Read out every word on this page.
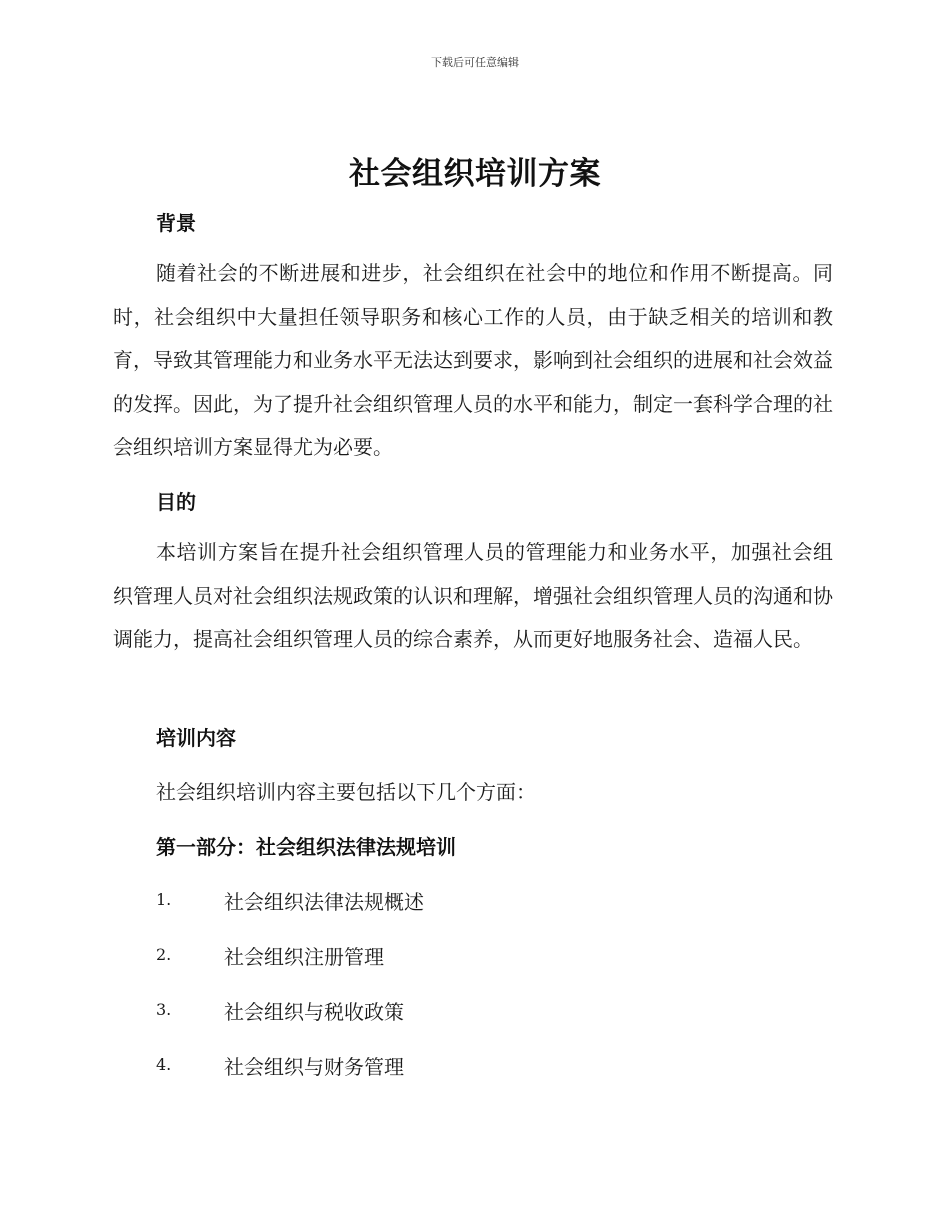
下载后可任意编辑
社会组织培训方案
背景
随着社会的不断进展和进步，社会组织在社会中的地位和作用不断提高。同时，社会组织中大量担任领导职务和核心工作的人员，由于缺乏相关的培训和教育，导致其管理能力和业务水平无法达到要求，影响到社会组织的进展和社会效益的发挥。因此，为了提升社会组织管理人员的水平和能力，制定一套科学合理的社会组织培训方案显得尤为必要。
目的
本培训方案旨在提升社会组织管理人员的管理能力和业务水平，加强社会组织管理人员对社会组织法规政策的认识和理解，增强社会组织管理人员的沟通和协调能力，提高社会组织管理人员的综合素养，从而更好地服务社会、造福人民。
培训内容
社会组织培训内容主要包括以下几个方面：
第一部分：社会组织法律法规培训
1.	社会组织法律法规概述
2.	社会组织注册管理
3.	社会组织与税收政策
4.	社会组织与财务管理
